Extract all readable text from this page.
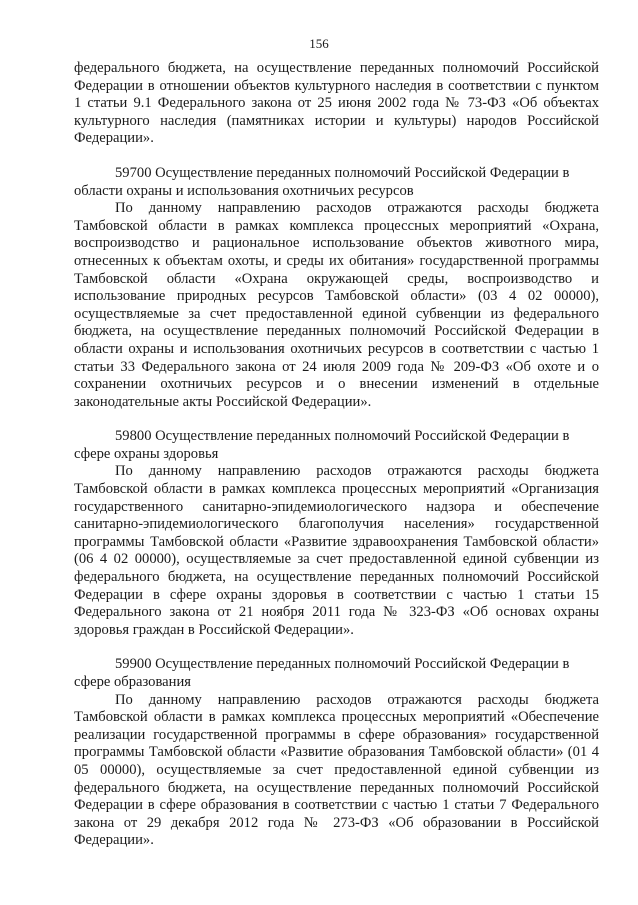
156

федерального бюджета, на осуществление переданных полномочий Российской Федерации в отношении объектов культурного наследия в соответствии с пунктом 1 статьи 9.1 Федерального закона от 25 июня 2002 года № 73-ФЗ «Об объектах культурного наследия (памятниках истории и культуры) народов Российской Федерации».

59700 Осуществление переданных полномочий Российской Федерации в области охраны и использования охотничьих ресурсов

По данному направлению расходов отражаются расходы бюджета Тамбовской области в рамках комплекса процессных мероприятий «Охрана, воспроизводство и рациональное использование объектов животного мира, отнесенных к объектам охоты, и среды их обитания» государственной программы Тамбовской области «Охрана окружающей среды, воспроизводство и использование природных ресурсов Тамбовской области» (03 4 02 00000), осуществляемые за счет предоставленной единой субвенции из федерального бюджета, на осуществление переданных полномочий Российской Федерации в области охраны и использования охотничьих ресурсов в соответствии с частью 1 статьи 33 Федерального закона от 24 июля 2009 года № 209-ФЗ «Об охоте и о сохранении охотничьих ресурсов и о внесении изменений в отдельные законодательные акты Российской Федерации».

59800 Осуществление переданных полномочий Российской Федерации в сфере охраны здоровья

По данному направлению расходов отражаются расходы бюджета Тамбовской области в рамках комплекса процессных мероприятий «Организация государственного санитарно-эпидемиологического надзора и обеспечение санитарно-эпидемиологического благополучия населения» государственной программы Тамбовской области «Развитие здравоохранения Тамбовской области» (06 4 02 00000), осуществляемые за счет предоставленной единой субвенции из федерального бюджета, на осуществление переданных полномочий Российской Федерации в сфере охраны здоровья в соответствии с частью 1 статьи 15 Федерального закона от 21 ноября 2011 года № 323-ФЗ «Об основах охраны здоровья граждан в Российской Федерации».

59900 Осуществление переданных полномочий Российской Федерации в сфере образования

По данному направлению расходов отражаются расходы бюджета Тамбовской области в рамках комплекса процессных мероприятий «Обеспечение реализации государственной программы в сфере образования» государственной программы Тамбовской области «Развитие образования Тамбовской области» (01 4 05 00000), осуществляемые за счет предоставленной единой субвенции из федерального бюджета, на осуществление переданных полномочий Российской Федерации в сфере образования в соответствии с частью 1 статьи 7 Федерального закона от 29 декабря 2012 года № 273-ФЗ «Об образовании в Российской Федерации».
